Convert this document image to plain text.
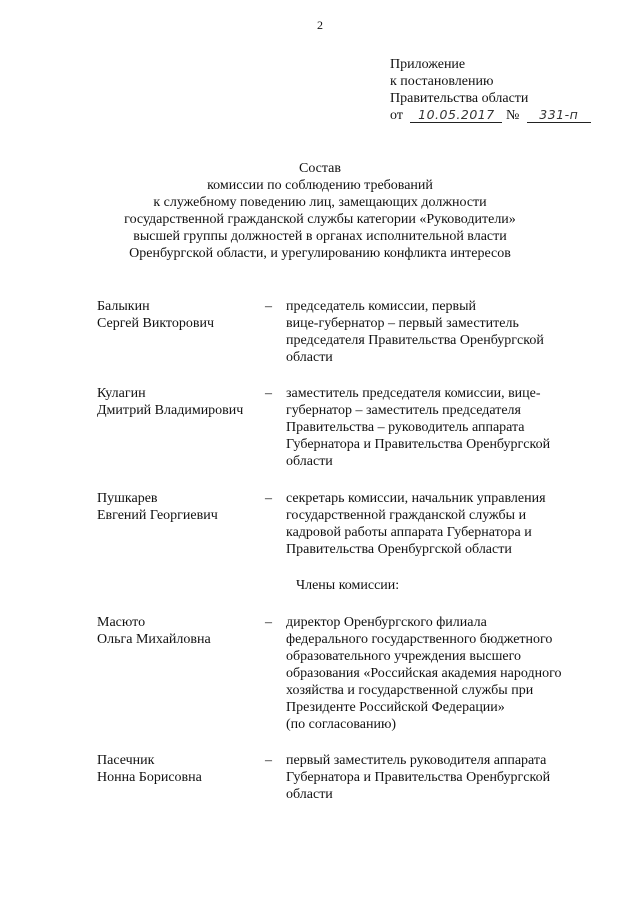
2
Приложение
к постановлению
Правительства области
от 10.05.2017 № 331-п
Состав
комиссии по соблюдению требований
к служебному поведению лиц, замещающих должности
государственной гражданской службы категории «Руководители»
высшей группы должностей в органах исполнительной власти
Оренбургской области, и урегулированию конфликта интересов
Балыкин
Сергей Викторович
– председатель комиссии, первый
вице-губернатор – первый заместитель
председателя Правительства Оренбургской
области
Кулагин
Дмитрий Владимирович
– заместитель председателя комиссии, вице-
губернатор – заместитель председателя
Правительства – руководитель аппарата
Губернатора и Правительства Оренбургской
области
Пушкарев
Евгений Георгиевич
– секретарь комиссии, начальник управления
государственной гражданской службы и
кадровой работы аппарата Губернатора и
Правительства Оренбургской области
Члены комиссии:
Масюто
Ольга Михайловна
– директор Оренбургского филиала
федерального государственного бюджетного
образовательного учреждения высшего
образования «Российская академия народного
хозяйства и государственной службы при
Президенте Российской Федерации»
(по согласованию)
Пасечник
Нонна Борисовна
– первый заместитель руководителя аппарата
Губернатора и Правительства Оренбургской
области
